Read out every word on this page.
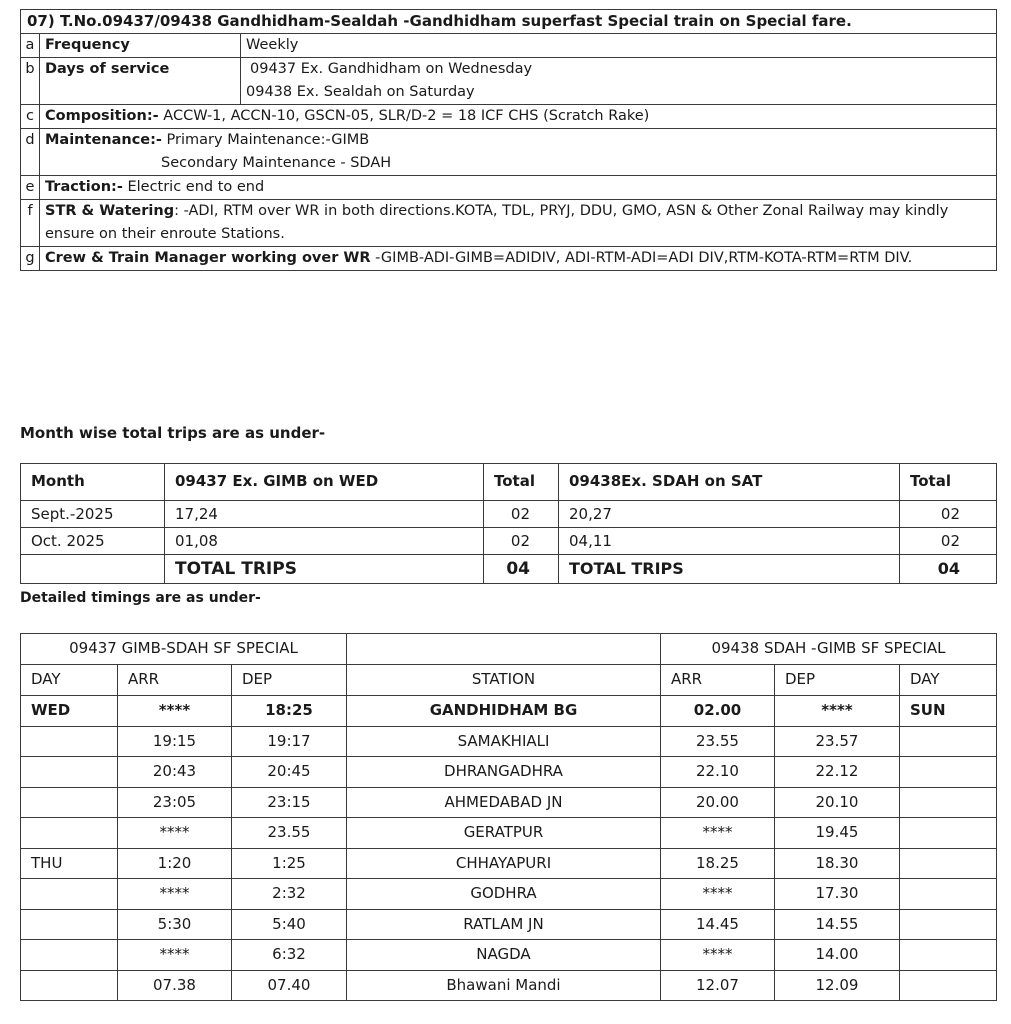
07) T.No.09437/09438 Gandhidham-Sealdah -Gandhidham superfast Special train on Special fare.		
a	Frequency	Weekly
b	Days of service	09437 Ex. Gandhidham on Wednesday
09438 Ex. Sealdah on Saturday

c	Composition:- ACCW-1, ACCN-10, GSCN-05, SLR/D-2 = 18 ICF CHS (Scratch Rake)	
d	Maintenance:- Primary Maintenance:-GIMB
Secondary Maintenance - SDAH	

e	Traction:- Electric end to end	
f	STR & Watering: -ADI, RTM over WR in both directions.KOTA, TDL, PRYJ, DDU, GMO, ASN & Other Zonal Railway may kindly ensure on their enroute Stations.	
g	Crew & Train Manager working over WR -GIMB-ADI-GIMB=ADIDIV, ADI-RTM-ADI=ADI DIV,RTM-KOTA-RTM=RTM DIV.	
Month wise total trips are as under-
Month	09437 Ex. GIMB on WED	Total	09438Ex. SDAH on SAT	Total
Sept.-2025	17,24	02	20,27	02
Oct. 2025	01,08	02	04,11	02
	TOTAL TRIPS	04	TOTAL TRIPS	04
Detailed timings are as under-
09437 GIMB-SDAH SF SPECIAL				09438 SDAH -GIMB SF SPECIAL		
DAY	ARR	DEP	STATION	ARR	DEP	DAY
WED	****	18:25	GANDHIDHAM BG	02.00	****	SUN
	19:15	19:17	SAMAKHIALI	23.55	23.57	
	20:43	20:45	DHRANGADHRA	22.10	22.12	
	23:05	23:15	AHMEDABAD JN	20.00	20.10	
	****	23.55	GERATPUR	****	19.45	
THU	1:20	1:25	CHHAYAPURI	18.25	18.30	
	****	2:32	GODHRA	****	17.30	
	5:30	5:40	RATLAM JN	14.45	14.55	
	****	6:32	NAGDA	****	14.00	
	07.38	07.40	Bhawani Mandi	12.07	12.09	
